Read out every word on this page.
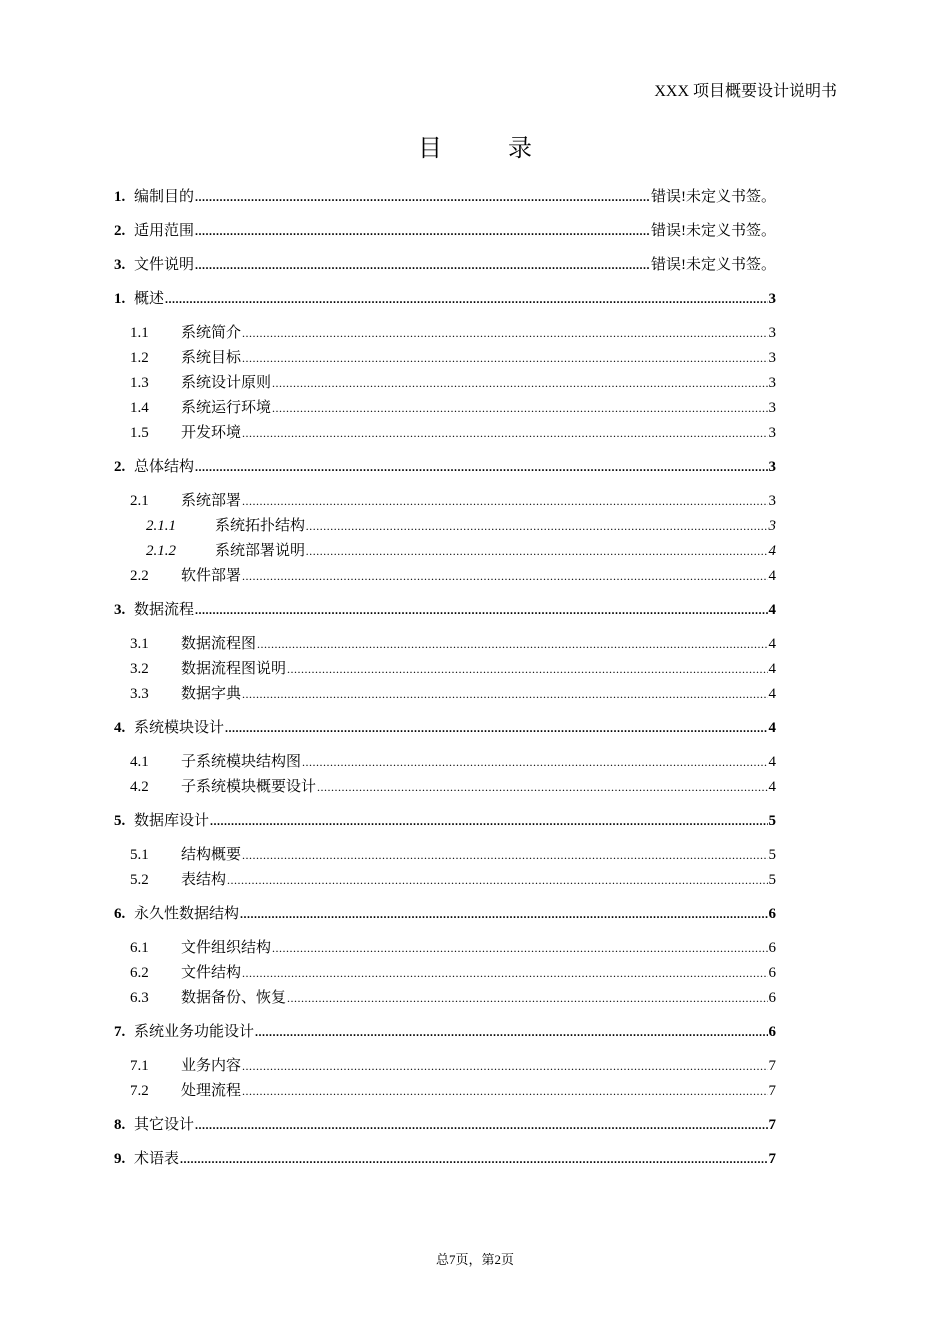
XXX 项目概要设计说明书
目 录
1. 编制目的 .....	错误!未定义书签。
2. 适用范围 .....	错误!未定义书签。
3. 文件说明 .....	错误!未定义书签。
1. 概述 .....	3
1.1	系统简介 .....	3
1.2	系统目标 .....	3
1.3	系统设计原则 .....	3
1.4	系统运行环境 .....	3
1.5	开发环境 .....	3
2. 总体结构 .....	3
2.1	系统部署 .....	3
2.1.1	系统拓扑结构 .....	3
2.1.2	系统部署说明 .....	4
2.2	软件部署 .....	4
3. 数据流程 .....	4
3.1	数据流程图 .....	4
3.2	数据流程图说明 .....	4
3.3	数据字典 .....	4
4. 系统模块设计 .....	4
4.1	子系统模块结构图 .....	4
4.2	子系统模块概要设计 .....	4
5. 数据库设计 .....	5
5.1	结构概要 .....	5
5.2	表结构 .....	5
6. 永久性数据结构 .....	6
6.1	文件组织结构 .....	6
6.2	文件结构 .....	6
6.3	数据备份、恢复 .....	6
7. 系统业务功能设计 .....	6
7.1	业务内容 .....	7
7.2	处理流程 .....	7
8. 其它设计 .....	7
9. 术语表 .....	7
总7页，第2页
